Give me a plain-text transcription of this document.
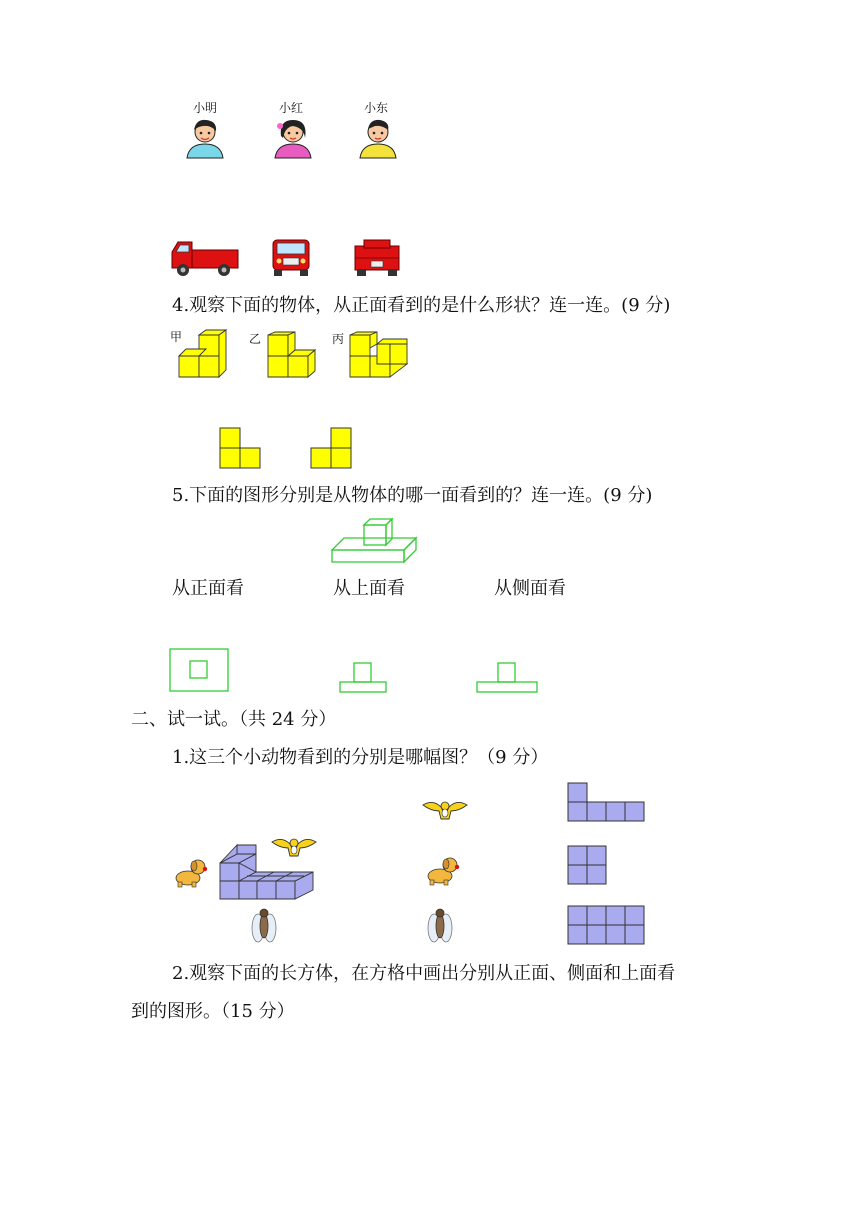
小明	小红	小东
4.观察下面的物体，从正面看到的是什么形状？连一连。(9 分)
甲	乙	丙
5.下面的图形分别是从物体的哪一面看到的？连一连。(9 分)
从正面看	从上面看	从侧面看
二、试一试。（共 24 分）
1.这三个小动物看到的分别是哪幅图？（9 分）
2.观察下面的长方体，在方格中画出分别从正面、侧面和上面看
到的图形。（15 分）
